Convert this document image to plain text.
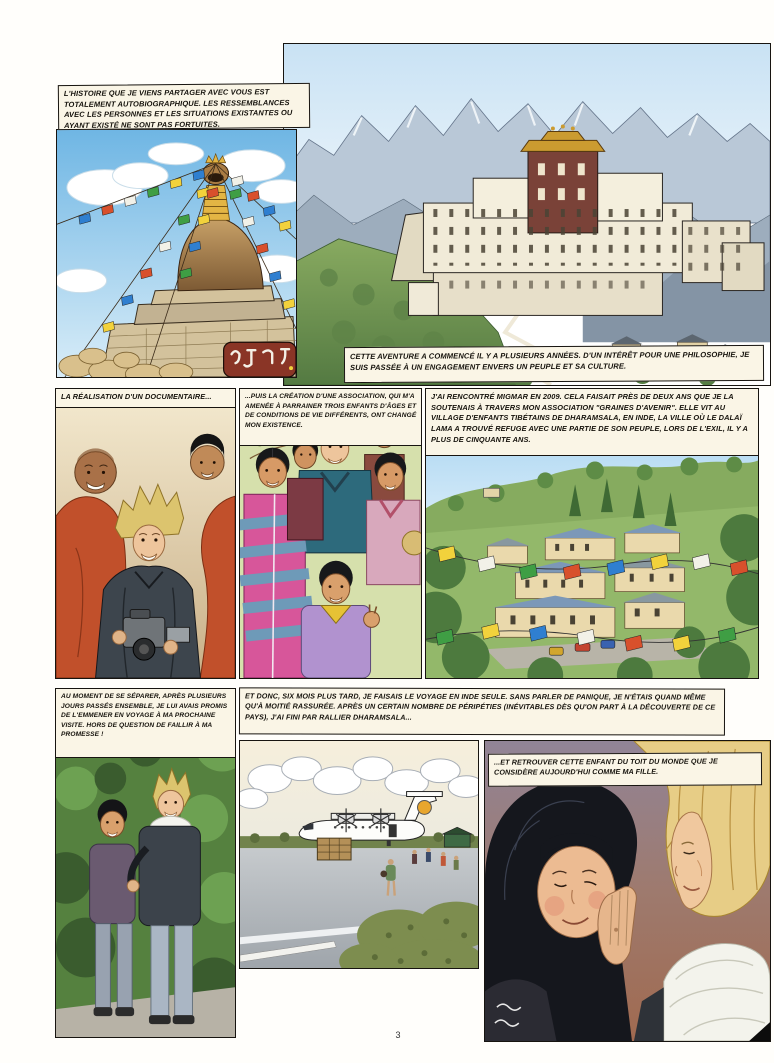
CETTE AVENTURE A COMMENCÉ IL Y A PLUSIEURS ANNÉES. D'UN INTÉRÊT POUR UNE PHILOSOPHIE, JE SUIS PASSÉE À UN ENGAGEMENT ENVERS UN PEUPLE ET SA CULTURE.
L'HISTOIRE QUE JE VIENS PARTAGER AVEC VOUS EST TOTALEMENT AUTOBIOGRAPHIQUE. LES RESSEMBLANCES AVEC LES PERSONNES ET LES SITUATIONS EXISTANTES OU AYANT EXISTÉ NE SONT PAS FORTUITES.
LA RÉALISATION D'UN DOCUMENTAIRE...	...PUIS LA CRÉATION D'UNE ASSOCIATION, QUI M'A AMENÉE À PARRAINER TROIS ENFANTS D'ÂGES ET DE CONDITIONS DE VIE DIFFÉRENTS, ONT CHANGÉ MON EXISTENCE.
J'AI RENCONTRÉ MIGMAR EN 2009. CELA FAISAIT PRÈS DE DEUX ANS QUE JE LA SOUTENAIS À TRAVERS MON ASSOCIATION "GRAINES D'AVENIR". ELLE VIT AU VILLAGE D'ENFANTS TIBÉTAINS DE DHARAMSALA, EN INDE, LA VILLE OÙ LE DALAÏ LAMA A TROUVÉ REFUGE AVEC UNE PARTIE DE SON PEUPLE, LORS DE L'EXIL, IL Y A PLUS DE CINQUANTE ANS.
AU MOMENT DE SE SÉPARER, APRÈS PLUSIEURS JOURS PASSÉS ENSEMBLE, JE LUI AVAIS PROMIS DE L'EMMENER EN VOYAGE À MA PROCHAINE VISITE. HORS DE QUESTION DE FAILLIR À MA PROMESSE !
ET DONC, SIX MOIS PLUS TARD, JE FAISAIS LE VOYAGE EN INDE SEULE. SANS PARLER DE PANIQUE, JE N'ÉTAIS QUAND MÊME QU'À MOITIÉ RASSURÉE. APRÈS UN CERTAIN NOMBRE DE PÉRIPÉTIES (INÉVITABLES DÈS QU'ON PART À LA DÉCOUVERTE DE CE PAYS), J'AI FINI PAR RALLIER DHARAMSALA...
...ET RETROUVER CETTE ENFANT DU TOIT DU MONDE QUE JE CONSIDÈRE AUJOURD'HUI COMME MA FILLE.
3
